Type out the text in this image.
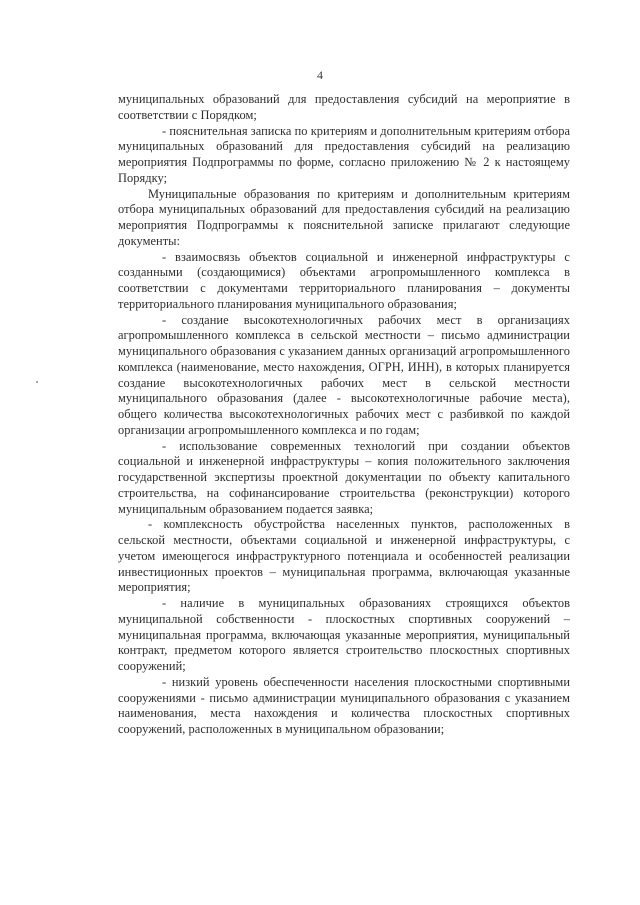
4

муниципальных образований для предоставления субсидий на мероприятие в соответствии с Порядком;

- пояснительная записка по критериям и дополнительным критериям отбора муниципальных образований для предоставления субсидий на реализацию мероприятия Подпрограммы по форме, согласно приложению № 2 к настоящему Порядку;

Муниципальные образования по критериям и дополнительным критериям отбора муниципальных образований для предоставления субсидий на реализацию мероприятия Подпрограммы к пояснительной записке прилагают следующие документы:

- взаимосвязь объектов социальной и инженерной инфраструктуры с созданными (создающимися) объектами агропромышленного комплекса в соответствии с документами территориального планирования – документы территориального планирования муниципального образования;

- создание высокотехнологичных рабочих мест в организациях агропромышленного комплекса в сельской местности – письмо администрации муниципального образования с указанием данных организаций агропромышленного комплекса (наименование, место нахождения, ОГРН, ИНН), в которых планируется создание высокотехнологичных рабочих мест в сельской местности муниципального образования (далее - высокотехнологичные рабочие места), общего количества высокотехнологичных рабочих мест с разбивкой по каждой организации агропромышленного комплекса и по годам;

- использование современных технологий при создании объектов социальной и инженерной инфраструктуры – копия положительного заключения государственной экспертизы проектной документации по объекту капитального строительства, на софинансирование строительства (реконструкции) которого муниципальным образованием подается заявка;

- комплексность обустройства населенных пунктов, расположенных в сельской местности, объектами социальной и инженерной инфраструктуры, с учетом имеющегося инфраструктурного потенциала и особенностей реализации инвестиционных проектов – муниципальная программа, включающая указанные мероприятия;

- наличие в муниципальных образованиях строящихся объектов муниципальной собственности - плоскостных спортивных сооружений – муниципальная программа, включающая указанные мероприятия, муниципальный контракт, предметом которого является строительство плоскостных спортивных сооружений;

- низкий уровень обеспеченности населения плоскостными спортивными сооружениями - письмо администрации муниципального образования с указанием наименования, места нахождения и количества плоскостных спортивных сооружений, расположенных в муниципальном образовании;
